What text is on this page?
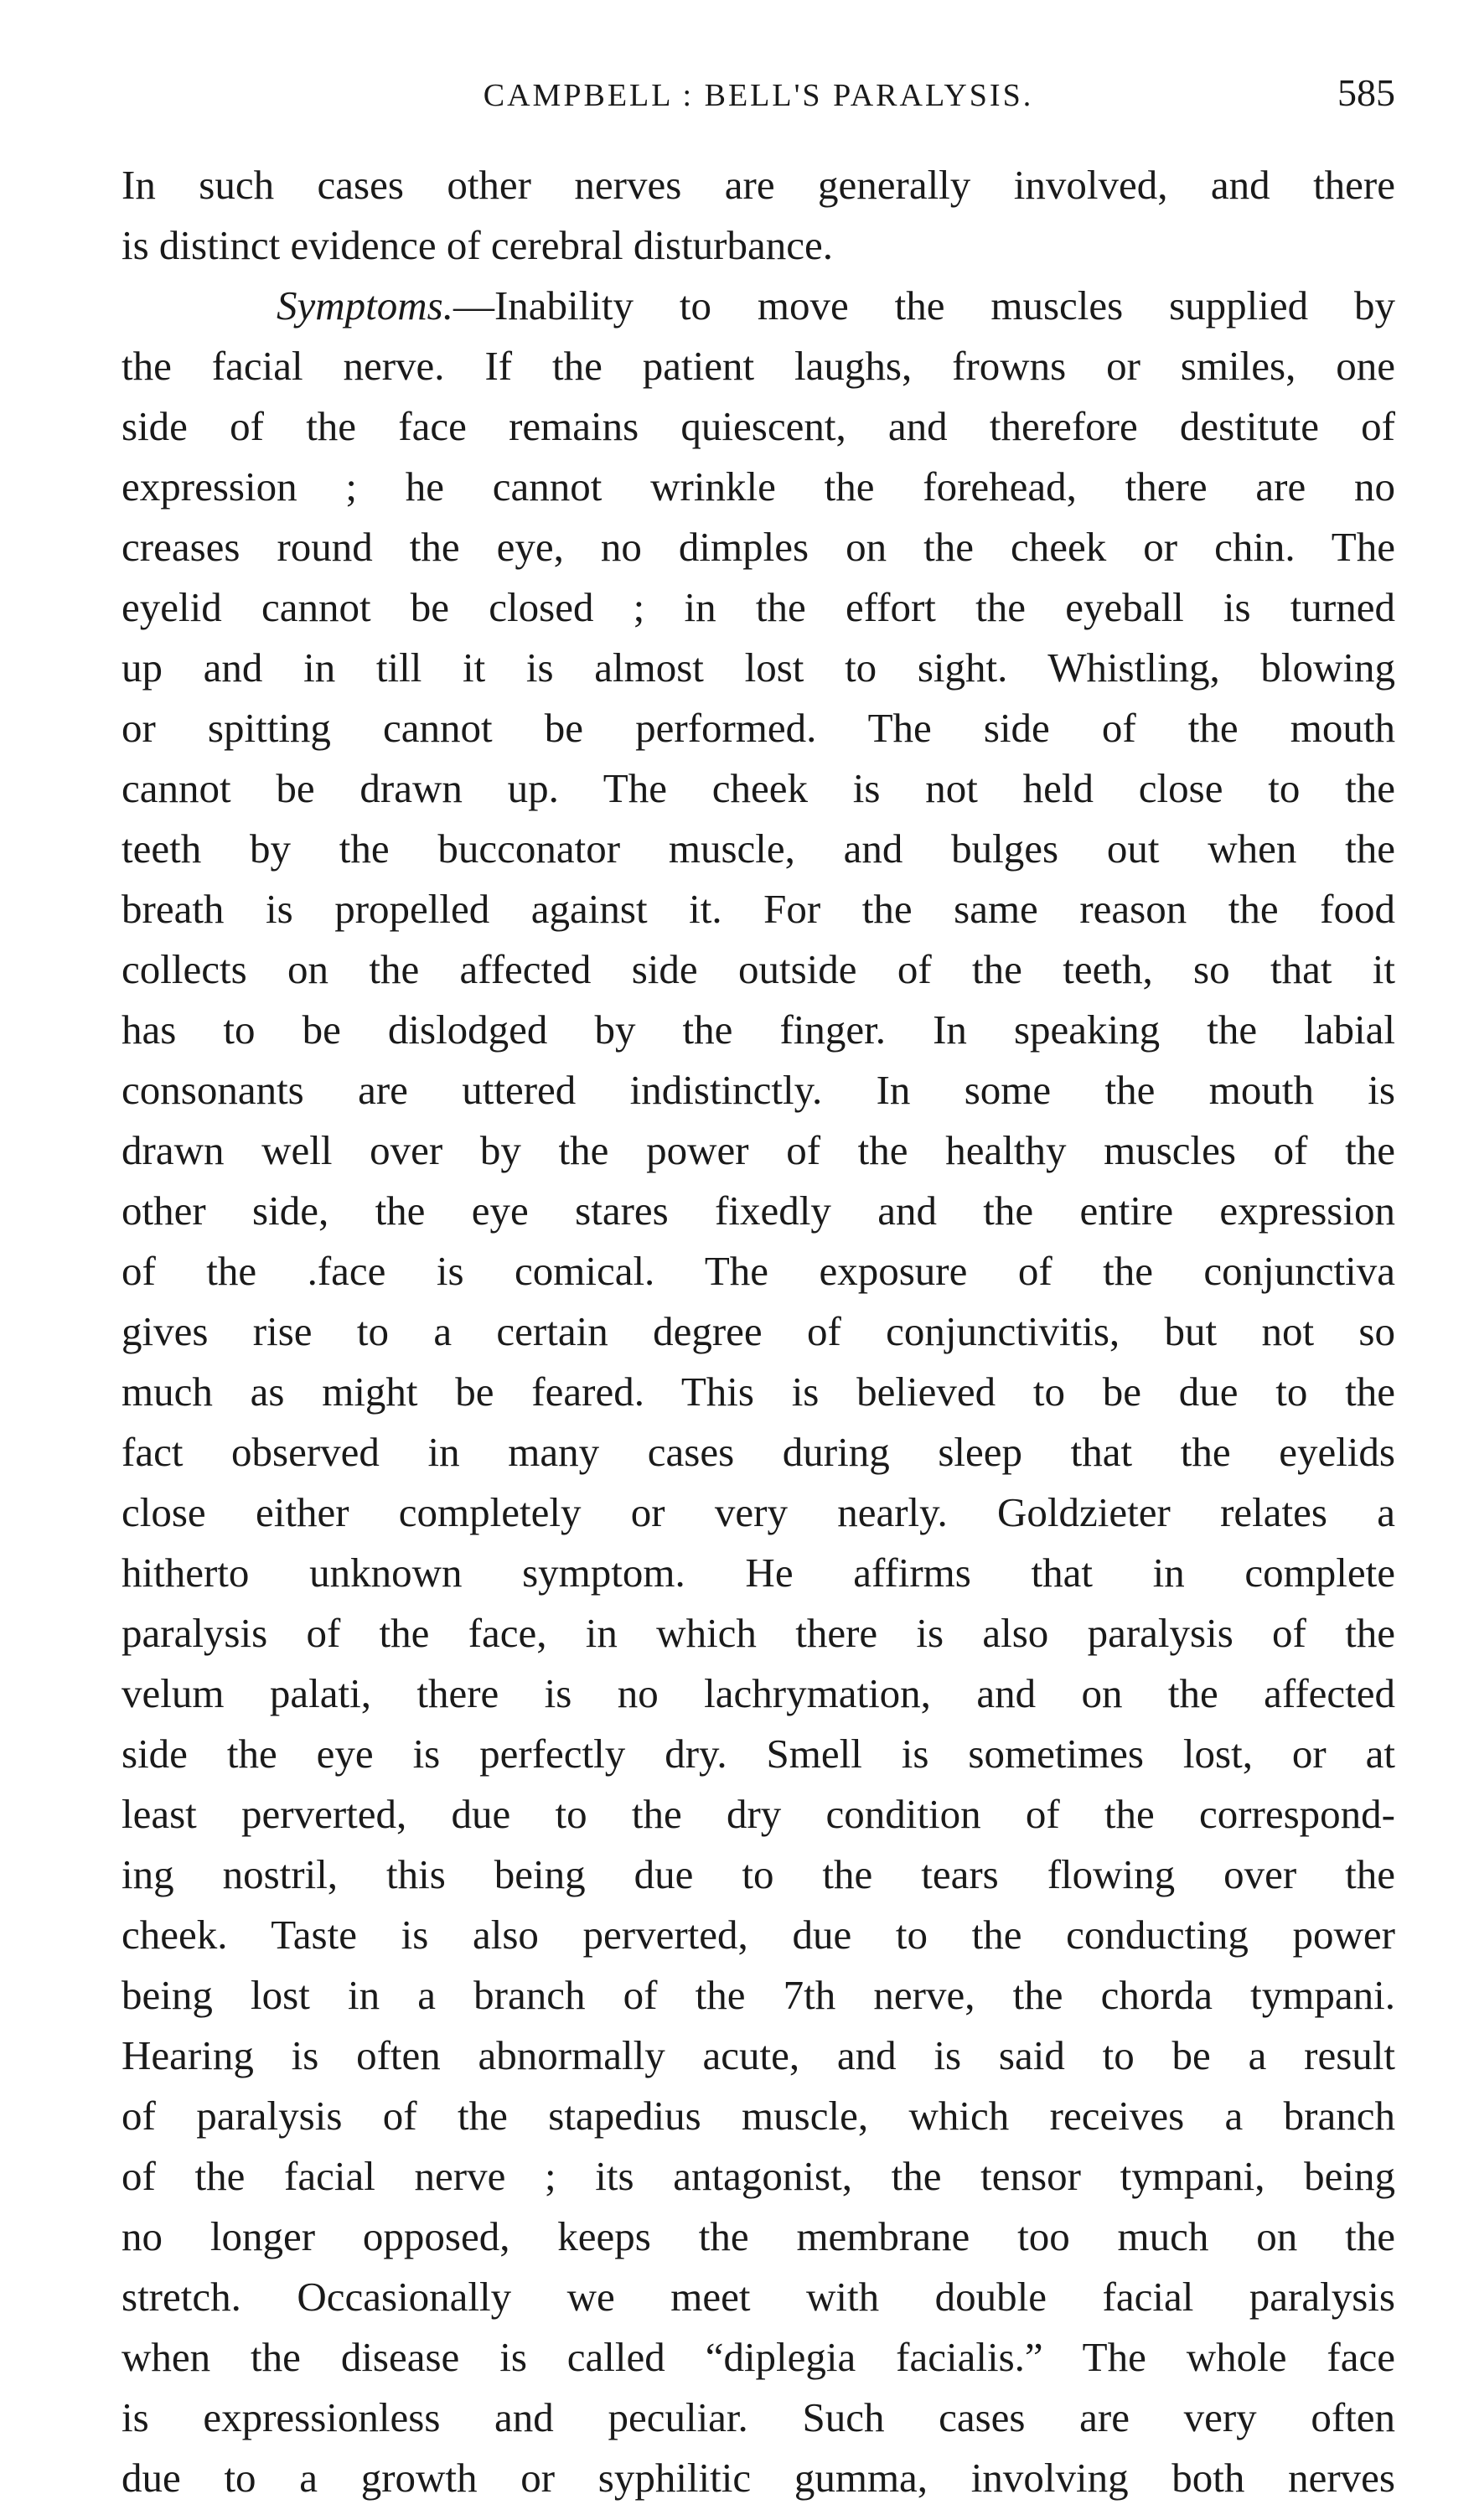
CAMPBELL : BELL'S PARALYSIS.	585
In such cases other nerves are generally involved, and there
is distinct evidence of cerebral disturbance.
Symptoms.—Inability to move the muscles supplied by
the facial nerve. If the patient laughs, frowns or smiles, one
side of the face remains quiescent, and therefore destitute of
expression ; he cannot wrinkle the forehead, there are no
creases round the eye, no dimples on the cheek or chin. The
eyelid cannot be closed ; in the effort the eyeball is turned
up and in till it is almost lost to sight. Whistling, blowing
or spitting cannot be performed. The side of the mouth
cannot be drawn up. The cheek is not held close to the
teeth by the bucconator muscle, and bulges out when the
breath is propelled against it. For the same reason the food
collects on the affected side outside of the teeth, so that it
has to be dislodged by the finger. In speaking the labial
consonants are uttered indistinctly. In some the mouth is
drawn well over by the power of the healthy muscles of the
other side, the eye stares fixedly and the entire expression
of the .face is comical. The exposure of the conjunctiva
gives rise to a certain degree of conjunctivitis, but not so
much as might be feared. This is believed to be due to the
fact observed in many cases during sleep that the eyelids
close either completely or very nearly. Goldzieter relates a
hitherto unknown symptom. He affirms that in complete
paralysis of the face, in which there is also paralysis of the
velum palati, there is no lachrymation, and on the affected
side the eye is perfectly dry. Smell is sometimes lost, or at
least perverted, due to the dry condition of the correspond-
ing nostril, this being due to the tears flowing over the
cheek. Taste is also perverted, due to the conducting power
being lost in a branch of the 7th nerve, the chorda tympani.
Hearing is often abnormally acute, and is said to be a result
of paralysis of the stapedius muscle, which receives a branch
of the facial nerve ; its antagonist, the tensor tympani, being
no longer opposed, keeps the membrane too much on the
stretch. Occasionally we meet with double facial paralysis
when the disease is called “diplegia facialis.” The whole face
is expressionless and peculiar. Such cases are very often
due to a growth or syphilitic gumma, involving both nerves
